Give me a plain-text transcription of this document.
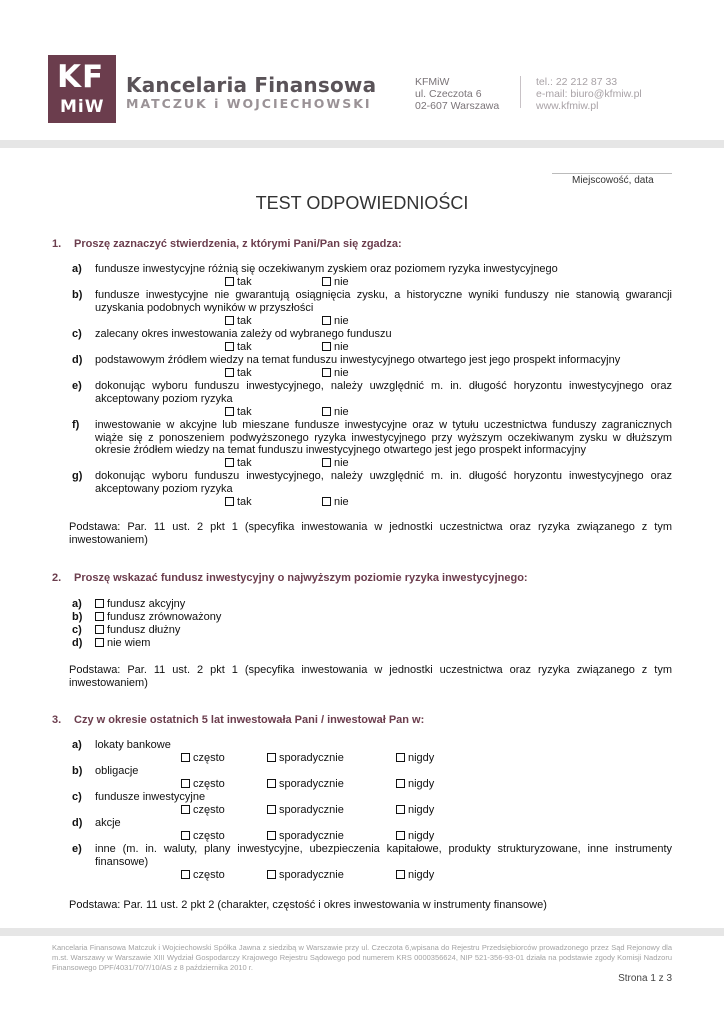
KF
MiW
Kancelaria Finansowa
MATCZUK i WOJCIECHOWSKI
KFMiW
ul. Czeczota 6
02-607 Warszawa
tel.: 22 212 87 33
e-mail: biuro@kfmiw.pl
www.kfmiw.pl
Miejscowość, data
TEST ODPOWIEDNIOŚCI
1. Proszę zaznaczyć stwierdzenia, z którymi Pani/Pan się zgadza:
a) fundusze inwestycyjne różnią się oczekiwanym zyskiem oraz poziomem ryzyka inwestycyjnego
tak	nie
b) fundusze inwestycyjne nie gwarantują osiągnięcia zysku, a historyczne wyniki funduszy nie stanowią gwarancji uzyskania podobnych wyników w przyszłości
tak	nie
c) zalecany okres inwestowania zależy od wybranego funduszu
tak	nie
d) podstawowym źródłem wiedzy na temat funduszu inwestycyjnego otwartego jest jego prospekt informacyjny
tak	nie
e) dokonując wyboru funduszu inwestycyjnego, należy uwzględnić m. in. długość horyzontu inwestycyjnego oraz akceptowany poziom ryzyka
tak	nie
f) inwestowanie w akcyjne lub mieszane fundusze inwestycyjne oraz w tytułu uczestnictwa funduszy zagranicznych wiąże się z ponoszeniem podwyższonego ryzyka inwestycyjnego przy wyższym oczekiwanym zysku w dłuższym okresie źródłem wiedzy na temat funduszu inwestycyjnego otwartego jest jego prospekt informacyjny
tak	nie
g) dokonując wyboru funduszu inwestycyjnego, należy uwzględnić m. in. długość horyzontu inwestycyjnego oraz akceptowany poziom ryzyka
tak	nie
Podstawa: Par. 11 ust. 2 pkt 1 (specyfika inwestowania w jednostki uczestnictwa oraz ryzyka związanego z tym inwestowaniem)
2. Proszę wskazać fundusz inwestycyjny o najwyższym poziomie ryzyka inwestycyjnego:
a) fundusz akcyjny
b) fundusz zrównoważony
c) fundusz dłużny
d) nie wiem
Podstawa: Par. 11 ust. 2 pkt 1 (specyfika inwestowania w jednostki uczestnictwa oraz ryzyka związanego z tym inwestowaniem)
3. Czy w okresie ostatnich 5 lat inwestowała Pani / inwestował Pan w:
a) lokaty bankowe
często	sporadycznie	nigdy
b) obligacje
często	sporadycznie	nigdy
c) fundusze inwestycyjne
często	sporadycznie	nigdy
d) akcje
często	sporadycznie	nigdy
e) inne (m. in. waluty, plany inwestycyjne, ubezpieczenia kapitałowe, produkty strukturyzowane, inne instrumenty finansowe)
często	sporadycznie	nigdy
Podstawa: Par. 11 ust. 2 pkt 2 (charakter, częstość i okres inwestowania w instrumenty finansowe)
Kancelaria Finansowa Matczuk i Wojciechowski Spółka Jawna z siedzibą w Warszawie przy ul. Czeczota 6,wpisana do Rejestru Przedsiębiorców prowadzonego przez Sąd Rejonowy dla m.st. Warszawy w Warszawie XIII Wydział Gospodarczy Krajowego Rejestru Sądowego pod numerem KRS 0000356624, NIP 521-356-93-01 działa na podstawie zgody Komisji Nadzoru Finansowego DPF/4031/70/7/10/AS z 8 października 2010 r.
Strona 1 z 3
